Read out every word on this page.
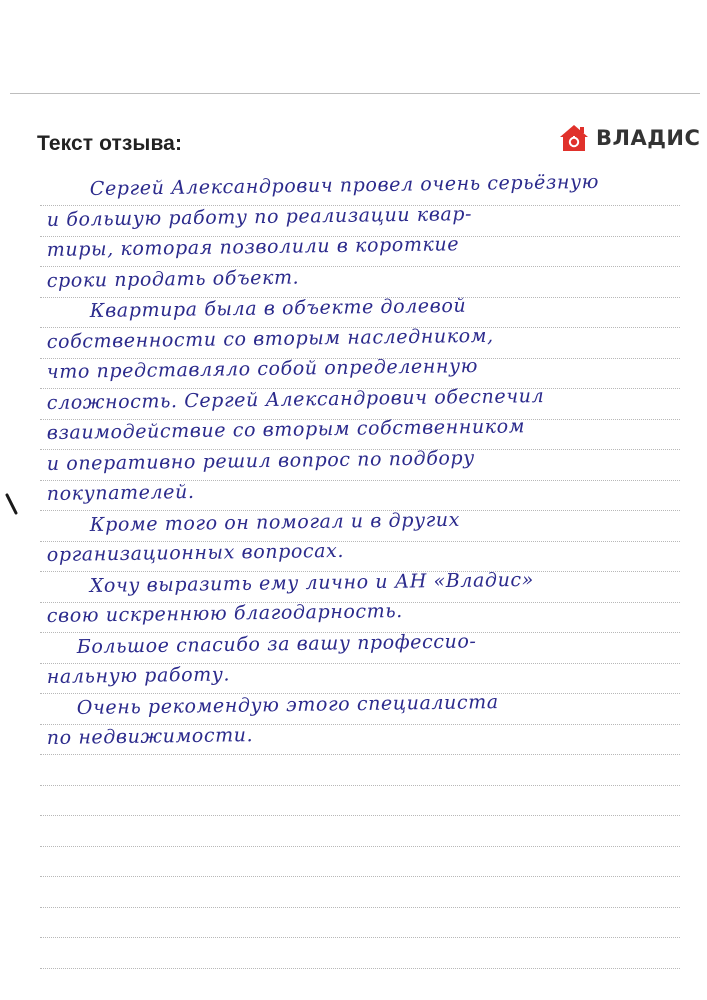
Текст отзыва:	ВЛАДИС
Сергей Александрович провел очень серьёзную
и большую работу по реализации квар-
тиры, которая позволили в короткие
сроки продать объект.
Квартира была в объекте долевой
собственности со вторым наследником,
что представляло собой определенную
сложность. Сергей Александрович обеспечил
взаимодействие со вторым собственником
и оперативно решил вопрос по подбору
покупателей.
Кроме того он помогал и в других
организационных вопросах.
Хочу выразить ему лично и АН «Владис»
свою искреннюю благодарность.
Большое спасибо за вашу профессио-
нальную работу.
Очень рекомендую этого специалиста
по недвижимости.
